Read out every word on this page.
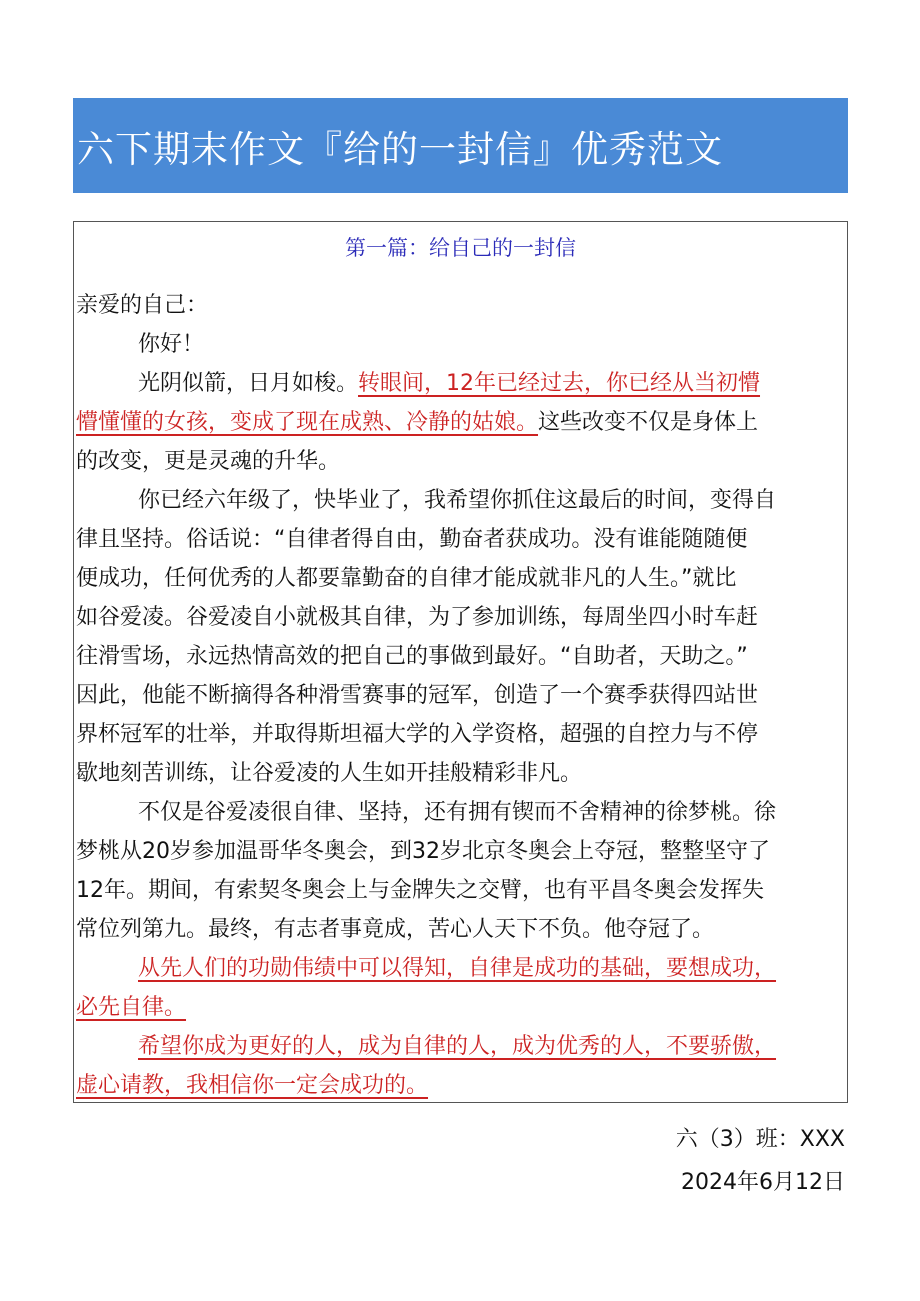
六下期末作文『给的一封信』优秀范文
第一篇：给自己的一封信
亲爱的自己：
你好！
光阴似箭，日月如梭。转眼间，12年已经过去，你已经从当初懵
懵懂懂的女孩，变成了现在成熟、冷静的姑娘。这些改变不仅是身体上
的改变，更是灵魂的升华。
你已经六年级了，快毕业了，我希望你抓住这最后的时间，变得自
律且坚持。俗话说：“自律者得自由，勤奋者获成功。没有谁能随随便
便成功，任何优秀的人都要靠勤奋的自律才能成就非凡的人生。”就比
如谷爱凌。谷爱凌自小就极其自律，为了参加训练，每周坐四小时车赶
往滑雪场，永远热情高效的把自己的事做到最好。“自助者，天助之。”
因此，他能不断摘得各种滑雪赛事的冠军，创造了一个赛季获得四站世
界杯冠军的壮举，并取得斯坦福大学的入学资格，超强的自控力与不停
歇地刻苦训练，让谷爱凌的人生如开挂般精彩非凡。
不仅是谷爱凌很自律、坚持，还有拥有锲而不舍精神的徐梦桃。徐
梦桃从20岁参加温哥华冬奥会，到32岁北京冬奥会上夺冠，整整坚守了
12年。期间，有索契冬奥会上与金牌失之交臂，也有平昌冬奥会发挥失
常位列第九。最终，有志者事竟成，苦心人天下不负。他夺冠了。
从先人们的功勋伟绩中可以得知，自律是成功的基础，要想成功，
必先自律。
希望你成为更好的人，成为自律的人，成为优秀的人，不要骄傲，
虚心请教，我相信你一定会成功的。
六（3）班：XXX
2024年6月12日
